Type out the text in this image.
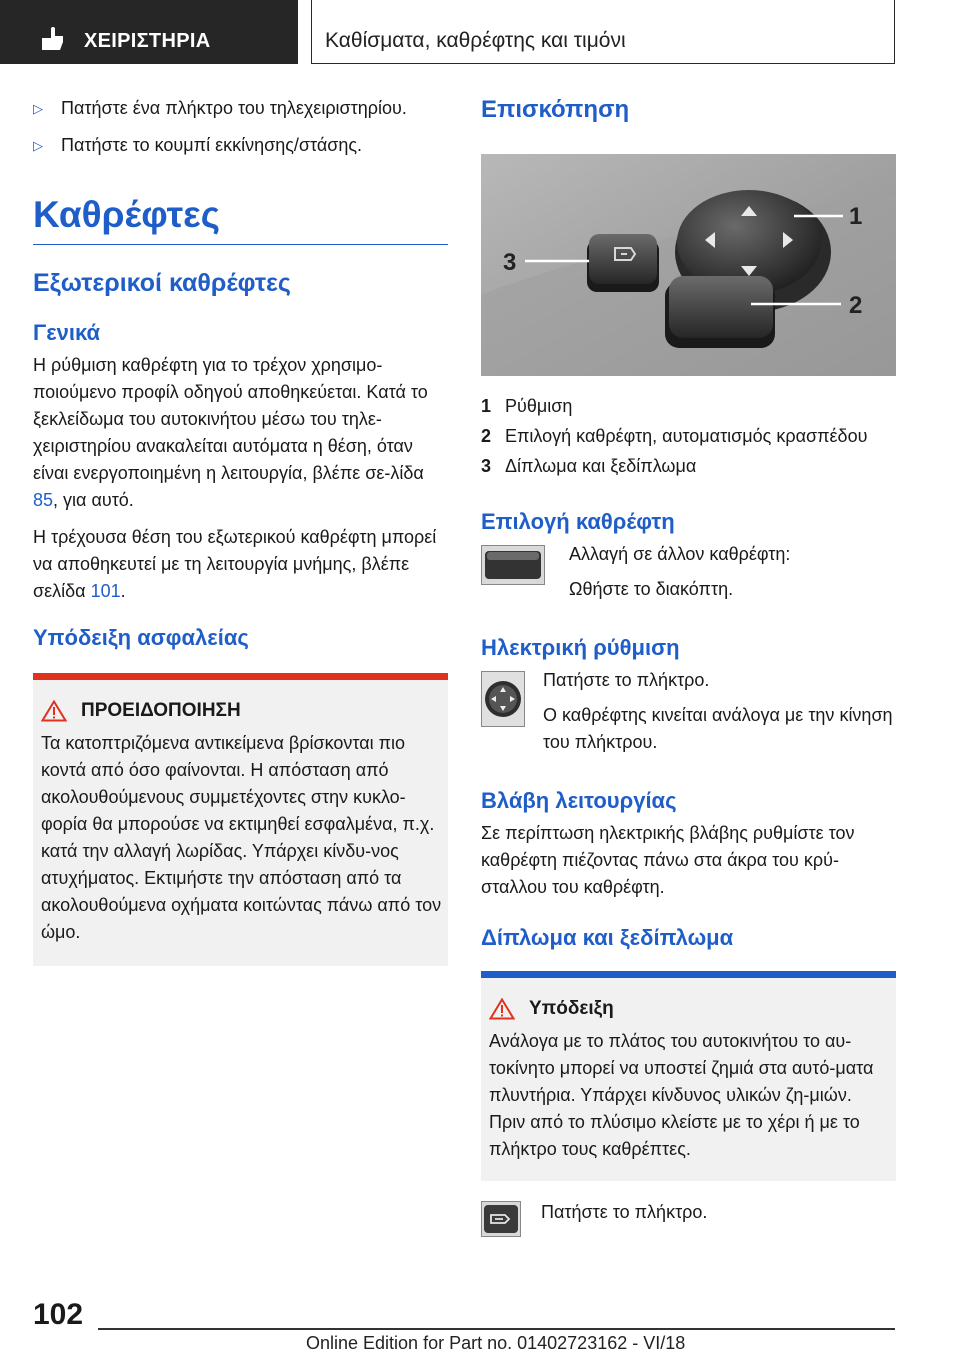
ΧΕΙΡΙΣΤΗΡΙΑ	Καθίσματα, καθρέφτης και τιμόνι
▷	Πατήστε ένα πλήκτρο του τηλεχειριστηρίου.
▷	Πατήστε το κουμπί εκκίνησης/στάσης.
Καθρέφτες
Εξωτερικοί καθρέφτες
Γενικά

Η ρύθμιση καθρέφτη για το τρέχον χρησιμο‐ποιούμενο προφίλ οδηγού αποθηκεύεται. Κατά το ξεκλείδωμα του αυτοκινήτου μέσω του τηλε‐χειριστηρίου ανακαλείται αυτόματα η θέση, όταν είναι ενεργοποιημένη η λειτουργία, βλέπε σε‐λίδα 85, για αυτό.

Η τρέχουσα θέση του εξωτερικού καθρέφτη μπορεί να αποθηκευτεί με τη λειτουργία μνήμης, βλέπε σελίδα 101.

Υπόδειξη ασφαλείας
ΠΡΟΕΙΔΟΠΟΙΗΣΗ
Τα κατοπτριζόμενα αντικείμενα βρίσκονται πιο κοντά από όσο φαίνονται. Η απόσταση από ακολουθούμενους συμμετέχοντες στην κυκλο‐φορία θα μπορούσε να εκτιμηθεί εσφαλμένα, π.χ. κατά την αλλαγή λωρίδας. Υπάρχει κίνδυ‐νος ατυχήματος. Εκτιμήστε την απόσταση από τα ακολουθούμενα οχήματα κοιτώντας πάνω από τον ώμο.
Επισκόπηση
1
2
3
1 Ρύθμιση
2 Επιλογή καθρέφτη, αυτοματισμός κρασπέδου
3 Δίπλωμα και ξεδίπλωμα
Επιλογή καθρέφτη

Αλλαγή σε άλλον καθρέφτη:

Ωθήστε το διακόπτη.

Ηλεκτρική ρύθμιση

Πατήστε το πλήκτρο.

Ο καθρέφτης κινείται ανάλογα με την κίνηση του πλήκτρου.

Βλάβη λειτουργίας

Σε περίπτωση ηλεκτρικής βλάβης ρυθμίστε τον καθρέφτη πιέζοντας πάνω στα άκρα του κρύ‐σταλλου του καθρέφτη.

Δίπλωμα και ξεδίπλωμα
Υπόδειξη
Ανάλογα με το πλάτος του αυτοκινήτου το αυ‐τοκίνητο μπορεί να υποστεί ζημιά στα αυτό‐ματα πλυντήρια. Υπάρχει κίνδυνος υλικών ζη‐μιών. Πριν από το πλύσιμο κλείστε με το χέρι ή με το πλήκτρο τους καθρέπτες.

Πατήστε το πλήκτρο.

102
Online Edition for Part no. 01402723162 - VI/18
